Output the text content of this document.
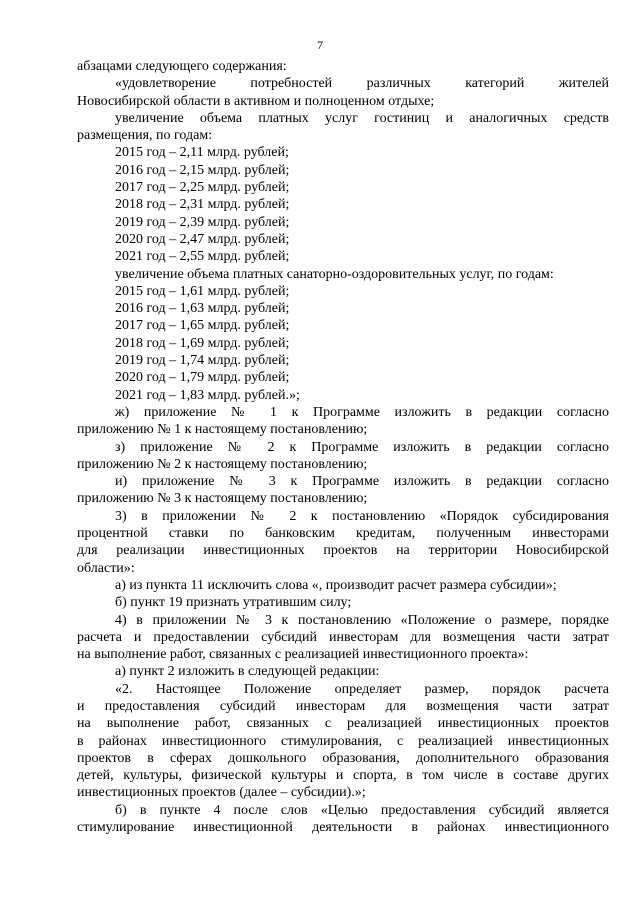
7
абзацами следующего содержания:
«удовлетворение потребностей различных категорий жителей
Новосибирской области в активном и полноценном отдыхе;
увеличение объема платных услуг гостиниц и аналогичных средств
размещения, по годам:
2015 год – 2,11 млрд. рублей;
2016 год – 2,15 млрд. рублей;
2017 год – 2,25 млрд. рублей;
2018 год – 2,31 млрд. рублей;
2019 год – 2,39 млрд. рублей;
2020 год – 2,47 млрд. рублей;
2021 год – 2,55 млрд. рублей;
увеличение объема платных санаторно-оздоровительных услуг, по годам:
2015 год – 1,61 млрд. рублей;
2016 год – 1,63 млрд. рублей;
2017 год – 1,65 млрд. рублей;
2018 год – 1,69 млрд. рублей;
2019 год – 1,74 млрд. рублей;
2020 год – 1,79 млрд. рублей;
2021 год – 1,83 млрд. рублей.»;
ж) приложение № 1 к Программе изложить в редакции согласно
приложению № 1 к настоящему постановлению;
з) приложение № 2 к Программе изложить в редакции согласно
приложению № 2 к настоящему постановлению;
и) приложение № 3 к Программе изложить в редакции согласно
приложению № 3 к настоящему постановлению;
3) в приложении № 2 к постановлению «Порядок субсидирования
процентной ставки по банковским кредитам, полученным инвесторами
для реализации инвестиционных проектов на территории Новосибирской
области»:
а) из пункта 11 исключить слова «, производит расчет размера субсидии»;
б) пункт 19 признать утратившим силу;
4) в приложении № 3 к постановлению «Положение о размере, порядке
расчета и предоставлении субсидий инвесторам для возмещения части затрат
на выполнение работ, связанных с реализацией инвестиционного проекта»:
а) пункт 2 изложить в следующей редакции:
«2. Настоящее Положение определяет размер, порядок расчета
и предоставления субсидий инвесторам для возмещения части затрат
на выполнение работ, связанных с реализацией инвестиционных проектов
в районах инвестиционного стимулирования, с реализацией инвестиционных
проектов в сферах дошкольного образования, дополнительного образования
детей, культуры, физической культуры и спорта, в том числе в составе других
инвестиционных проектов (далее – субсидии).»;
б) в пункте 4 после слов «Целью предоставления субсидий является
стимулирование инвестиционной деятельности в районах инвестиционного
